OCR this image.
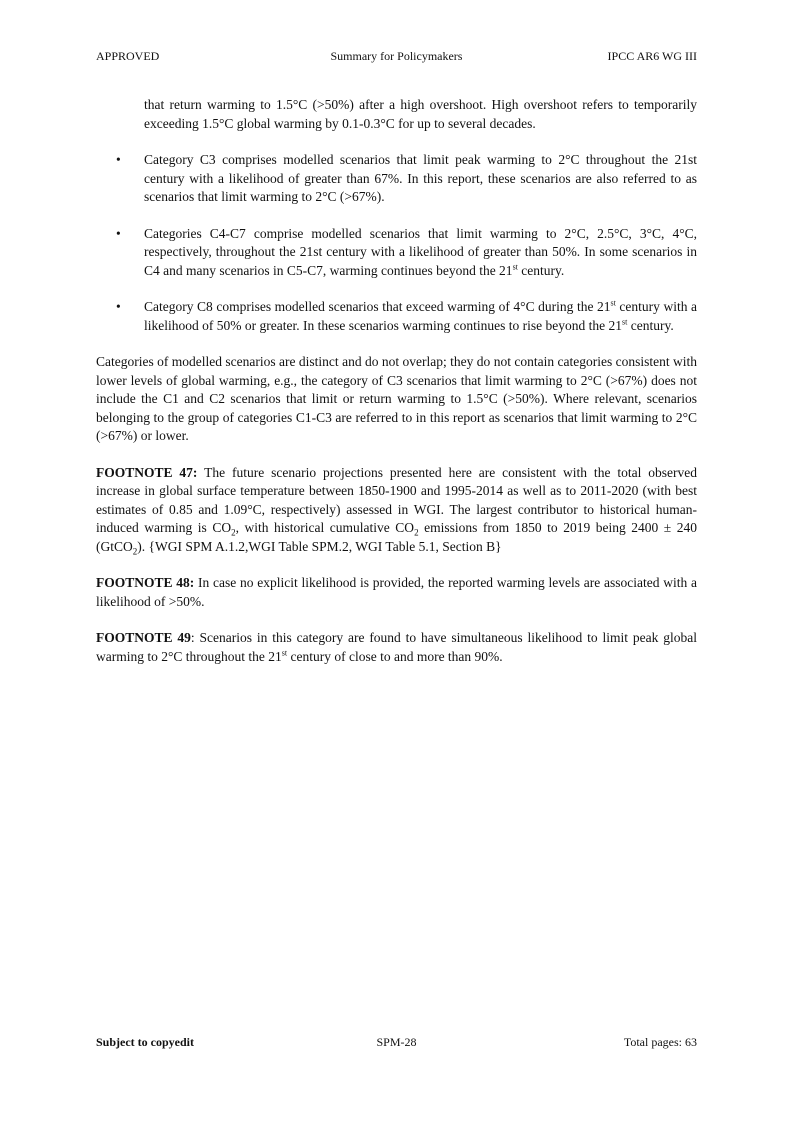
APPROVED	Summary for Policymakers	IPCC AR6 WG III

that return warming to 1.5°C (>50%) after a high overshoot. High overshoot refers to temporarily exceeding 1.5°C global warming by 0.1-0.3°C for up to several decades.

• Category C3 comprises modelled scenarios that limit peak warming to 2°C throughout the 21st century with a likelihood of greater than 67%. In this report, these scenarios are also referred to as scenarios that limit warming to 2°C (>67%).

• Categories C4-C7 comprise modelled scenarios that limit warming to 2°C, 2.5°C, 3°C, 4°C, respectively, throughout the 21st century with a likelihood of greater than 50%. In some scenarios in C4 and many scenarios in C5-C7, warming continues beyond the 21st century.

• Category C8 comprises modelled scenarios that exceed warming of 4°C during the 21st century with a likelihood of 50% or greater. In these scenarios warming continues to rise beyond the 21st century.

Categories of modelled scenarios are distinct and do not overlap; they do not contain categories consistent with lower levels of global warming, e.g., the category of C3 scenarios that limit warming to 2°C (>67%) does not include the C1 and C2 scenarios that limit or return warming to 1.5°C (>50%). Where relevant, scenarios belonging to the group of categories C1-C3 are referred to in this report as scenarios that limit warming to 2°C (>67%) or lower.

FOOTNOTE 47: The future scenario projections presented here are consistent with the total observed increase in global surface temperature between 1850-1900 and 1995-2014 as well as to 2011-2020 (with best estimates of 0.85 and 1.09°C, respectively) assessed in WGI. The largest contributor to historical human-induced warming is $CO_2$, with historical cumulative $CO_2$ emissions from 1850 to 2019 being 2400 ± 240 (GtCO$_2$). {WGI SPM A.1.2,WGI Table SPM.2, WGI Table 5.1, Section B}

FOOTNOTE 48: In case no explicit likelihood is provided, the reported warming levels are associated with a likelihood of >50%.

FOOTNOTE 49: Scenarios in this category are found to have simultaneous likelihood to limit peak global warming to 2°C throughout the 21st century of close to and more than 90%.

Subject to copyedit	SPM-28	Total pages: 63
